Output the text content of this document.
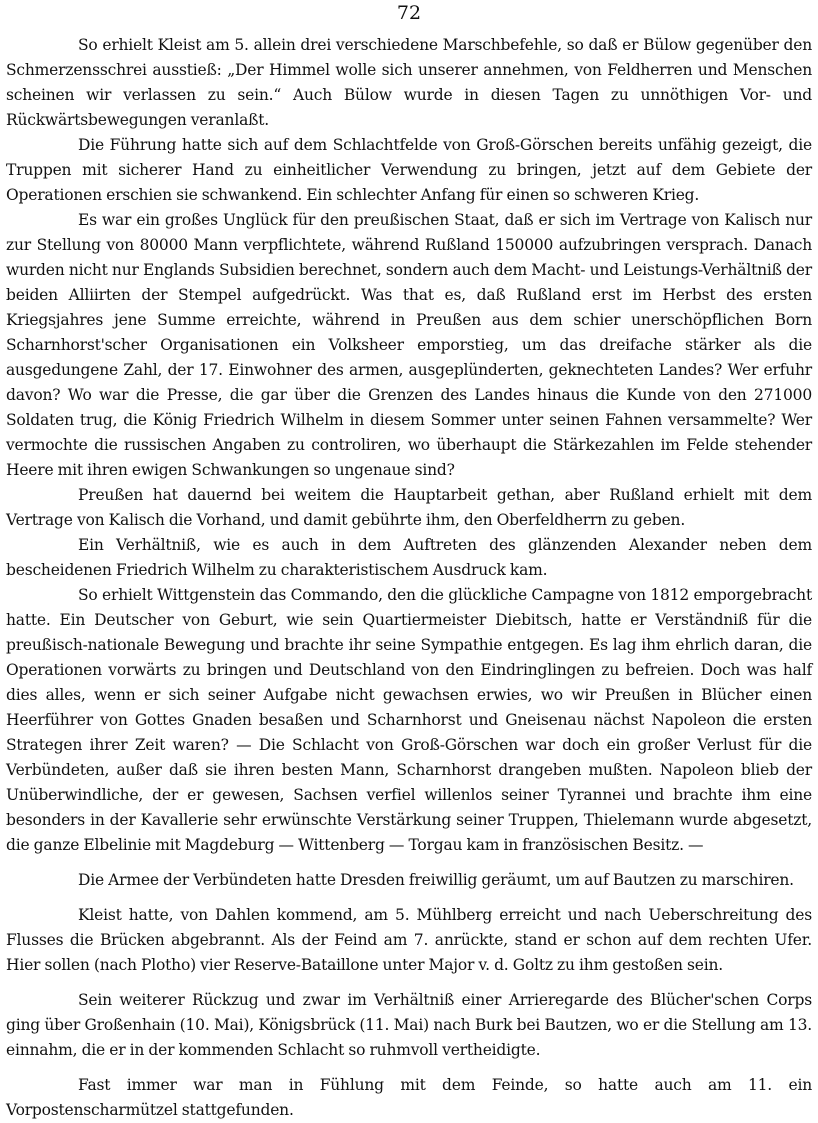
72

So erhielt Kleist am 5. allein drei verschiedene Marschbefehle, so daß er Bülow gegenüber den Schmerzensschrei ausstieß: „Der Himmel wolle sich unserer annehmen, von Feldherren und Menschen scheinen wir verlassen zu sein.“ Auch Bülow wurde in diesen Tagen zu unnöthigen Vor- und Rückwärtsbewegungen veranlaßt.

Die Führung hatte sich auf dem Schlachtfelde von Groß-Görschen bereits unfähig gezeigt, die Truppen mit sicherer Hand zu einheitlicher Verwendung zu bringen, jetzt auf dem Gebiete der Operationen erschien sie schwankend. Ein schlechter Anfang für einen so schweren Krieg.

Es war ein großes Unglück für den preußischen Staat, daß er sich im Vertrage von Kalisch nur zur Stellung von 80000 Mann verpflichtete, während Rußland 150000 aufzubringen versprach. Danach wurden nicht nur Englands Subsidien berechnet, sondern auch dem Macht- und Leistungs-Verhältniß der beiden Alliirten der Stempel aufgedrückt. Was that es, daß Rußland erst im Herbst des ersten Kriegsjahres jene Summe erreichte, während in Preußen aus dem schier unerschöpflichen Born Scharnhorst'scher Organisationen ein Volksheer emporstieg, um das dreifache stärker als die ausgedungene Zahl, der 17. Einwohner des armen, ausgeplünderten, geknechteten Landes? Wer erfuhr davon? Wo war die Presse, die gar über die Grenzen des Landes hinaus die Kunde von den 271000 Soldaten trug, die König Friedrich Wilhelm in diesem Sommer unter seinen Fahnen versammelte? Wer vermochte die russischen Angaben zu controliren, wo überhaupt die Stärkezahlen im Felde stehender Heere mit ihren ewigen Schwankungen so ungenaue sind?

Preußen hat dauernd bei weitem die Hauptarbeit gethan, aber Rußland erhielt mit dem Vertrage von Kalisch die Vorhand, und damit gebührte ihm, den Oberfeldherrn zu geben.

Ein Verhältniß, wie es auch in dem Auftreten des glänzenden Alexander neben dem bescheidenen Friedrich Wilhelm zu charakteristischem Ausdruck kam.

So erhielt Wittgenstein das Commando, den die glückliche Campagne von 1812 emporgebracht hatte. Ein Deutscher von Geburt, wie sein Quartiermeister Diebitsch, hatte er Verständniß für die preußisch-nationale Bewegung und brachte ihr seine Sympathie entgegen. Es lag ihm ehrlich daran, die Operationen vorwärts zu bringen und Deutschland von den Eindringlingen zu befreien. Doch was half dies alles, wenn er sich seiner Aufgabe nicht gewachsen erwies, wo wir Preußen in Blücher einen Heerführer von Gottes Gnaden besaßen und Scharnhorst und Gneisenau nächst Napoleon die ersten Strategen ihrer Zeit waren? — Die Schlacht von Groß-Görschen war doch ein großer Verlust für die Verbündeten, außer daß sie ihren besten Mann, Scharnhorst drangeben mußten. Napoleon blieb der Unüberwindliche, der er gewesen, Sachsen verfiel willenlos seiner Tyrannei und brachte ihm eine besonders in der Kavallerie sehr erwünschte Verstärkung seiner Truppen, Thielemann wurde abgesetzt, die ganze Elbelinie mit Magdeburg — Wittenberg — Torgau kam in französischen Besitz. —

Die Armee der Verbündeten hatte Dresden freiwillig geräumt, um auf Bautzen zu marschiren.

Kleist hatte, von Dahlen kommend, am 5. Mühlberg erreicht und nach Ueberschreitung des Flusses die Brücken abgebrannt. Als der Feind am 7. anrückte, stand er schon auf dem rechten Ufer. Hier sollen (nach Plotho) vier Reserve-Bataillone unter Major v. d. Goltz zu ihm gestoßen sein.

Sein weiterer Rückzug und zwar im Verhältniß einer Arrieregarde des Blücher'schen Corps ging über Großenhain (10. Mai), Königsbrück (11. Mai) nach Burk bei Bautzen, wo er die Stellung am 13. einnahm, die er in der kommenden Schlacht so ruhmvoll vertheidigte.

Fast immer war man in Fühlung mit dem Feinde, so hatte auch am 11. ein Vorpostenscharmützel stattgefunden.
